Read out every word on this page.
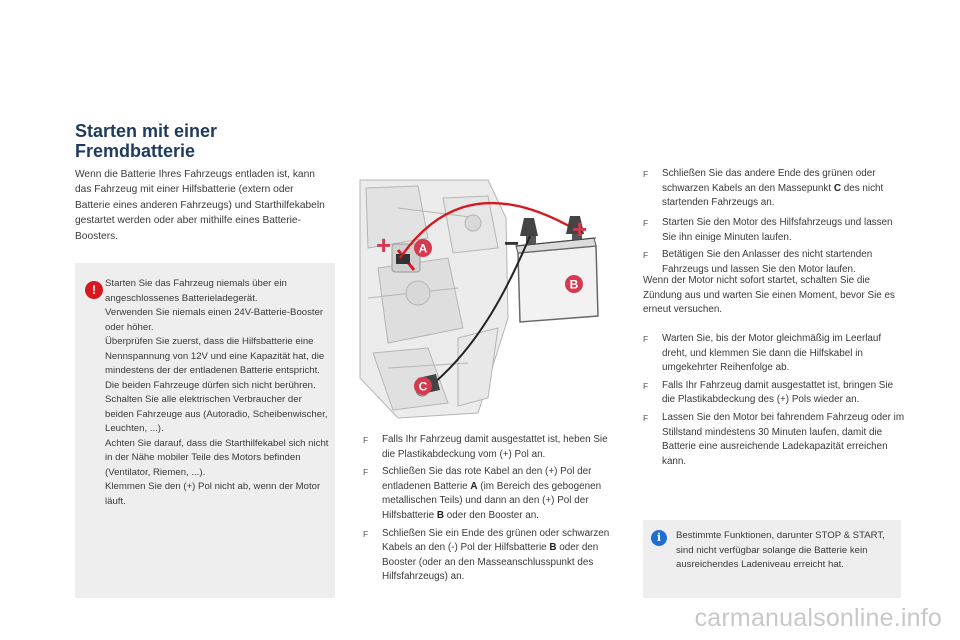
Starten mit einer
Fremdbatterie

Wenn die Batterie Ihres Fahrzeugs entladen ist, kann das Fahrzeug mit einer Hilfsbatterie (extern oder Batterie eines anderen Fahrzeugs) und Starthilfekabeln gestartet werden oder aber mithilfe eines Batterie-Boosters.

! Starten Sie das Fahrzeug niemals über ein angeschlossenes Batterieladegerät.
Verwenden Sie niemals einen 24V-Batterie-Booster oder höher.
Überprüfen Sie zuerst, dass die Hilfsbatterie eine Nennspannung von 12V und eine Kapazität hat, die mindestens der der entladenen Batterie entspricht.
Die beiden Fahrzeuge dürfen sich nicht berühren.
Schalten Sie alle elektrischen Verbraucher der beiden Fahrzeuge aus (Autoradio, Scheibenwischer, Leuchten, ...).
Achten Sie darauf, dass die Starthilfekabel sich nicht in der Nähe mobiler Teile des Motors befinden (Ventilator, Riemen, ...).
Klemmen Sie den (+) Pol nicht ab, wenn der Motor läuft.

+	− +
A
B
C
F Falls Ihr Fahrzeug damit ausgestattet ist, heben Sie die Plastikabdeckung vom (+) Pol an.
F Schließen Sie das rote Kabel an den (+) Pol der entladenen Batterie A (im Bereich des gebogenen metallischen Teils) und dann an den (+) Pol der Hilfsbatterie B oder den Booster an.
F Schließen Sie ein Ende des grünen oder schwarzen Kabels an den (-) Pol der Hilfsbatterie B oder den Booster (oder an den Masseanschlusspunkt des Hilfsfahrzeugs) an.
F Schließen Sie das andere Ende des grünen oder schwarzen Kabels an den Massepunkt C des nicht startenden Fahrzeugs an.
F Starten Sie den Motor des Hilfsfahrzeugs und lassen Sie ihn einige Minuten laufen.
F Betätigen Sie den Anlasser des nicht startenden Fahrzeugs und lassen Sie den Motor laufen.

Wenn der Motor nicht sofort startet, schalten Sie die Zündung aus und warten Sie einen Moment, bevor Sie es erneut versuchen.

F Warten Sie, bis der Motor gleichmäßig im Leerlauf dreht, und klemmen Sie dann die Hilfskabel in umgekehrter Reihenfolge ab.
F Falls Ihr Fahrzeug damit ausgestattet ist, bringen Sie die Plastikabdeckung des (+) Pols wieder an.
F Lassen Sie den Motor bei fahrendem Fahrzeug oder im Stillstand mindestens 30 Minuten laufen, damit die Batterie eine ausreichende Ladekapazität erreichen kann.
i	Bestimmte Funktionen, darunter STOP & START, sind nicht verfügbar solange die Batterie kein ausreichendes Ladeniveau erreicht hat.

carmanualsonline.info
